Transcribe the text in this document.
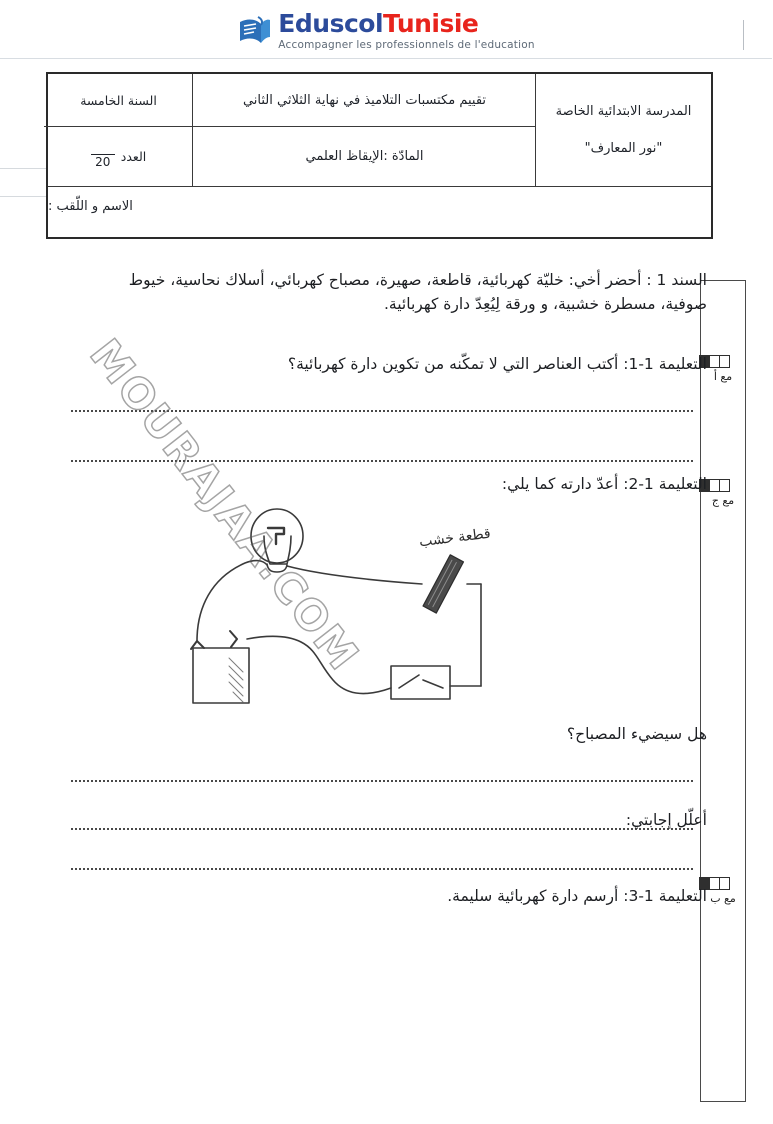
EduscolTunisie
Accompagner les professionnels de l'education
المدرسة الابتدائية الخاصة
"نور المعارف"
تقييم مكتسبات التلاميذ في نهاية الثلاثي الثاني
المادّة :الإيقاظ العلمي
السنة الخامسة
العدد
20
الاسم و اللّقب :
مع أ
مع ج
مع ب
السند 1 : أحضر أخي: خليّة كهربائية، قاطعة، صهيرة، مصباح كهربائي، أسلاك نحاسية، خيوط صوفية، مسطرة خشبية، و ورقة لِيُعِدّ دارة كهربائية.
التعليمة 1-1: أكتب العناصر التي لا تمكّنه من تكوين دارة كهربائية؟
التعليمة 1-2: أعدّ دارته كما يلي:
قطعة خشب
هل سيضيء المصباح؟
أعلّل إجابتي:
التعليمة 1-3: أرسم دارة كهربائية سليمة.
MOURAJAA.COM
